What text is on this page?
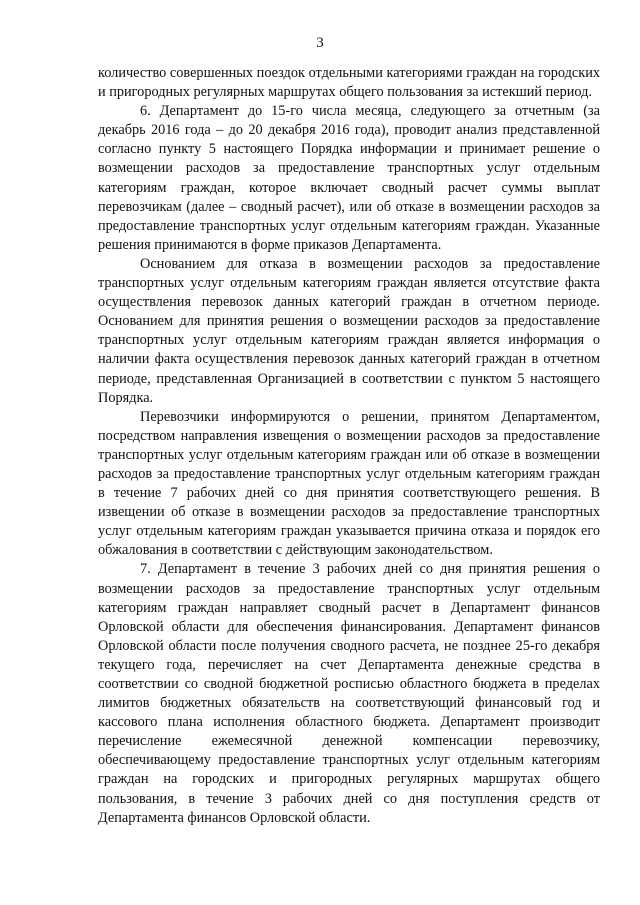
3

количество совершенных поездок отдельными категориями граждан на городских и пригородных регулярных маршрутах общего пользования за истекший период.

6. Департамент до 15-го числа месяца, следующего за отчетным (за декабрь 2016 года – до 20 декабря 2016 года), проводит анализ представленной согласно пункту 5 настоящего Порядка информации и принимает решение о возмещении расходов за предоставление транспортных услуг отдельным категориям граждан, которое включает сводный расчет суммы выплат перевозчикам (далее – сводный расчет), или об отказе в возмещении расходов за предоставление транспортных услуг отдельным категориям граждан. Указанные решения принимаются в форме приказов Департамента.

Основанием для отказа в возмещении расходов за предоставление транспортных услуг отдельным категориям граждан является отсутствие факта осуществления перевозок данных категорий граждан в отчетном периоде. Основанием для принятия решения о возмещении расходов за предоставление транспортных услуг отдельным категориям граждан является информация о наличии факта осуществления перевозок данных категорий граждан в отчетном периоде, представленная Организацией в соответствии с пунктом 5 настоящего Порядка.

Перевозчики информируются о решении, принятом Департаментом, посредством направления извещения о возмещении расходов за предоставление транспортных услуг отдельным категориям граждан или об отказе в возмещении расходов за предоставление транспортных услуг отдельным категориям граждан в течение 7 рабочих дней со дня принятия соответствующего решения. В извещении об отказе в возмещении расходов за предоставление транспортных услуг отдельным категориям граждан указывается причина отказа и порядок его обжалования в соответствии с действующим законодательством.

7. Департамент в течение 3 рабочих дней со дня принятия решения о возмещении расходов за предоставление транспортных услуг отдельным категориям граждан направляет сводный расчет в Департамент финансов Орловской области для обеспечения финансирования. Департамент финансов Орловской области после получения сводного расчета, не позднее 25-го декабря текущего года, перечисляет на счет Департамента денежные средства в соответствии со сводной бюджетной росписью областного бюджета в пределах лимитов бюджетных обязательств на соответствующий финансовый год и кассового плана исполнения областного бюджета. Департамент производит перечисление ежемесячной денежной компенсации перевозчику, обеспечивающему предоставление транспортных услуг отдельным категориям граждан на городских и пригородных регулярных маршрутах общего пользования, в течение 3 рабочих дней со дня поступления средств от Департамента финансов Орловской области.
